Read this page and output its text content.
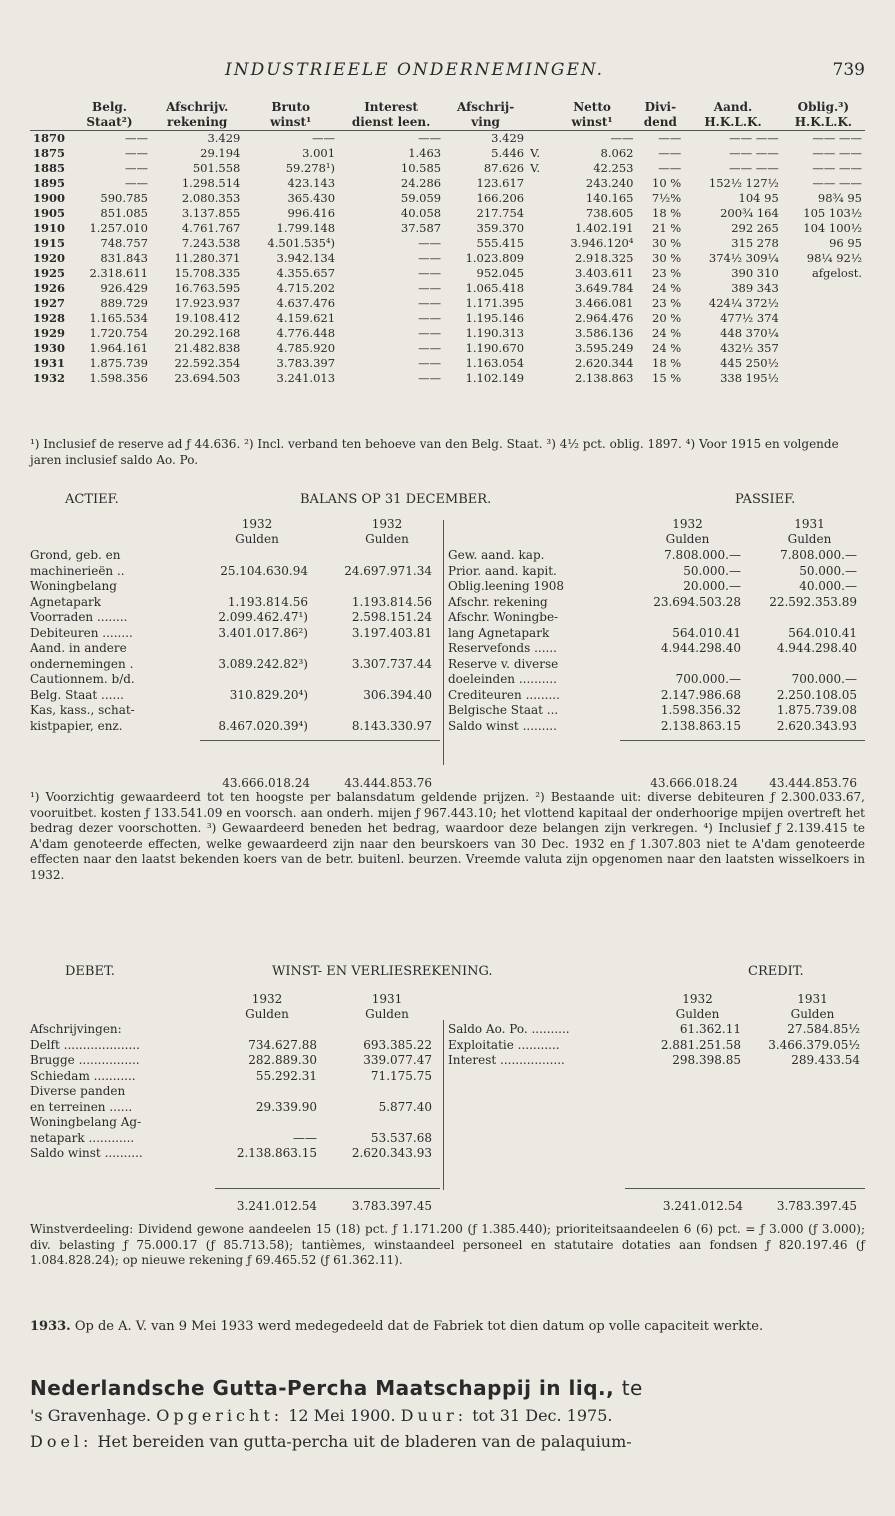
INDUSTRIEELE ONDERNEMINGEN.	739
	Belg.	Afschrijv.	Bruto	Interest	Afschrij-		Netto	Divi-	Aand.	Oblig.³)
	Staat²)	rekening	winst¹	dienst leen.	ving		winst¹	dend	H.K.L.K.	H.K.L.K.
1870	——	3.429	——	——	3.429		——	——	—— ——	—— ——
1875	——	29.194	3.001	1.463	5.446	V.	8.062	——	—— ——	—— ——
1885	——	501.558	59.278¹)	10.585	87.626	V.	42.253	——	—— ——	—— ——
1895	——	1.298.514	423.143	24.286	123.617		243.240	10 %	152½ 127½	—— ——
1900	590.785	2.080.353	365.430	59.059	166.206		140.165	7½%	104 95	98¾ 95
1905	851.085	3.137.855	996.416	40.058	217.754		738.605	18 %	200¾ 164	105 103½
1910	1.257.010	4.761.767	1.799.148	37.587	359.370		1.402.191	21 %	292 265	104 100½
1915	748.757	7.243.538	4.501.535⁴)	——	555.415		3.946.120⁴	30 %	315 278	96 95
1920	831.843	11.280.371	3.942.134	——	1.023.809		2.918.325	30 %	374½ 309¼	98¼ 92½
1925	2.318.611	15.708.335	4.355.657	——	952.045		3.403.611	23 %	390 310	afgelost.
1926	926.429	16.763.595	4.715.202	——	1.065.418		3.649.784	24 %	389 343	
1927	889.729	17.923.937	4.637.476	——	1.171.395		3.466.081	23 %	424¼ 372½	
1928	1.165.534	19.108.412	4.159.621	——	1.195.146		2.964.476	20 %	477½ 374	
1929	1.720.754	20.292.168	4.776.448	——	1.190.313		3.586.136	24 %	448 370¼	
1930	1.964.161	21.482.838	4.785.920	——	1.190.670		3.595.249	24 %	432½ 357	
1931	1.875.739	22.592.354	3.783.397	——	1.163.054		2.620.344	18 %	445 250½	
1932	1.598.356	23.694.503	3.241.013	——	1.102.149		2.138.863	15 %	338 195½	
¹) Inclusief de reserve ad ƒ 44.636. ²) Incl. verband ten behoeve van den Belg. Staat. ³) 4½ pct. oblig. 1897. ⁴) Voor 1915 en volgende jaren inclusief saldo Ao. Po.
ACTIEF.	BALANS OP 31 DECEMBER.	PASSIEF.
1932
Gulden
1932
Gulden
1932
Gulden
1931
Gulden
Grond, geb. en
machinerieën ..	25.104.630.94	24.697.971.34
Woningbelang
Agnetapark	1.193.814.56	1.193.814.56
Voorraden ........	2.099.462.47¹)	2.598.151.24
Debiteuren ........	3.401.017.86²)	3.197.403.81
Aand. in andere
ondernemingen .	3.089.242.82³)	3.307.737.44
Cautionnem. b/d.
Belg. Staat ......	310.829.20⁴)	306.394.40
Kas, kass., schat-
kistpapier, enz.	8.467.020.39⁴)	8.143.330.97
Gew. aand. kap.	7.808.000.—	7.808.000.—
Prior. aand. kapit.	50.000.—	50.000.—
Oblig.leening 1908	20.000.—	40.000.—
Afschr. rekening	23.694.503.28	22.592.353.89
Afschr. Woningbe-
lang Agnetapark	564.010.41	564.010.41
Reservefonds ......	4.944.298.40	4.944.298.40
Reserve v. diverse
doeleinden ..........	700.000.—	700.000.—
Crediteuren .........	2.147.986.68	2.250.108.05
Belgische Staat ...	1.598.356.32	1.875.739.08
Saldo winst .........	2.138.863.15	2.620.343.93
43.666.018.24	43.444.853.76	43.666.018.24	43.444.853.76
¹) Voorzichtig gewaardeerd tot ten hoogste per balansdatum geldende prijzen. ²) Bestaande uit: diverse debiteuren ƒ 2.300.033.67, vooruitbet. kosten ƒ 133.541.09 en voorsch. aan onderh. mijen ƒ 967.443.10; het vlottend kapitaal der onderhoorige mpijen overtreft het bedrag dezer voorschotten. ³) Gewaardeerd beneden het bedrag, waardoor deze belangen zijn verkregen. ⁴) Inclusief ƒ 2.139.415 te A'dam genoteerde effecten, welke gewaardeerd zijn naar den beurskoers van 30 Dec. 1932 en ƒ 1.307.803 niet te A'dam genoteerde effecten naar den laatst bekenden koers van de betr. buitenl. beurzen. Vreemde valuta zijn opgenomen naar den laatsten wisselkoers in 1932.
DEBET.	WINST- EN VERLIESREKENING.	CREDIT.
1932
Gulden
1931
Gulden
1932
Gulden
1931
Gulden
Afschrijvingen:
Delft ....................	734.627.88	693.385.22
Brugge ................	282.889.30	339.077.47
Schiedam ...........	55.292.31	71.175.75
Diverse panden
en terreinen ......	29.339.90	5.877.40
Woningbelang Ag-
netapark ............	——	53.537.68
Saldo winst ..........	2.138.863.15	2.620.343.93
Saldo Ao. Po. ..........	61.362.11	27.584.85½
Exploitatie ...........	2.881.251.58	3.466.379.05½
Interest .................	298.398.85	289.433.54
3.241.012.54	3.783.397.45	3.241.012.54	3.783.397.45
Winstverdeeling: Dividend gewone aandeelen 15 (18) pct. ƒ 1.171.200 (ƒ 1.385.440); prioriteitsaandeelen 6 (6) pct. = ƒ 3.000 (ƒ 3.000); div. belasting ƒ 75.000.17 (ƒ 85.713.58); tantièmes, winstaandeel personeel en statutaire dotaties aan fondsen ƒ 820.197.46 (ƒ 1.084.828.24); op nieuwe rekening ƒ 69.465.52 (ƒ 61.362.11).
1933. Op de A. V. van 9 Mei 1933 werd medegedeeld dat de Fabriek tot dien datum op volle capaciteit werkte.
Nederlandsche Gutta-Percha Maatschappij in liq., te
's Gravenhage. Opgericht: 12 Mei 1900. Duur: tot 31 Dec. 1975.
Doel: Het bereiden van gutta-percha uit de bladeren van de palaquium-
